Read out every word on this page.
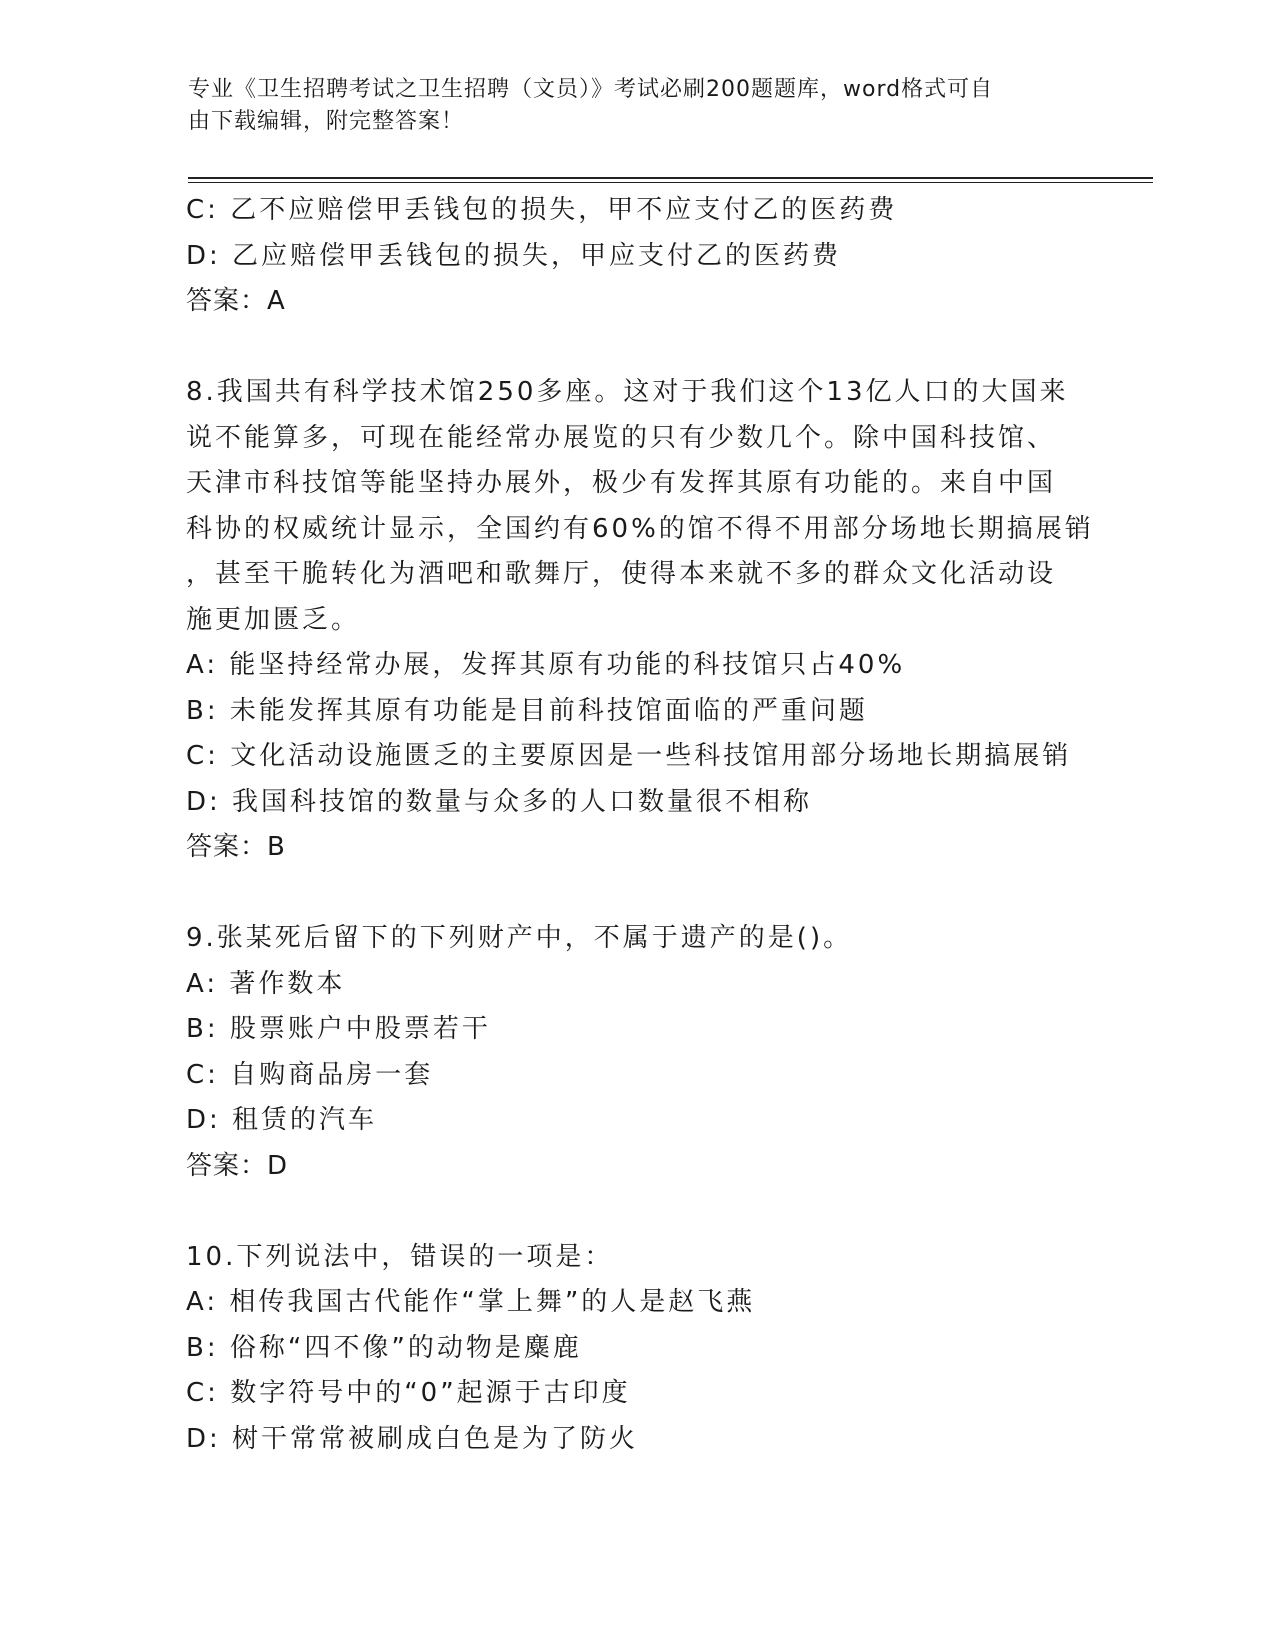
专业《卫生招聘考试之卫生招聘（文员）》考试必刷200题题库，word格式可自
由下载编辑，附完整答案！
C: 乙不应赔偿甲丢钱包的损失，甲不应支付乙的医药费
D: 乙应赔偿甲丢钱包的损失，甲应支付乙的医药费
答案：A
8.我国共有科学技术馆250多座。这对于我们这个13亿人口的大国来
说不能算多，可现在能经常办展览的只有少数几个。除中国科技馆、
天津市科技馆等能坚持办展外，极少有发挥其原有功能的。来自中国
科协的权威统计显示，全国约有60%的馆不得不用部分场地长期搞展销
，甚至干脆转化为酒吧和歌舞厅，使得本来就不多的群众文化活动设
施更加匮乏。
A: 能坚持经常办展，发挥其原有功能的科技馆只占40%
B: 未能发挥其原有功能是目前科技馆面临的严重问题
C: 文化活动设施匮乏的主要原因是一些科技馆用部分场地长期搞展销
D: 我国科技馆的数量与众多的人口数量很不相称
答案：B
9.张某死后留下的下列财产中，不属于遗产的是()。
A: 著作数本
B: 股票账户中股票若干
C: 自购商品房一套
D: 租赁的汽车
答案：D
10.下列说法中，错误的一项是：
A: 相传我国古代能作“掌上舞”的人是赵飞燕
B: 俗称“四不像”的动物是麋鹿
C: 数字符号中的“0”起源于古印度
D: 树干常常被刷成白色是为了防火
